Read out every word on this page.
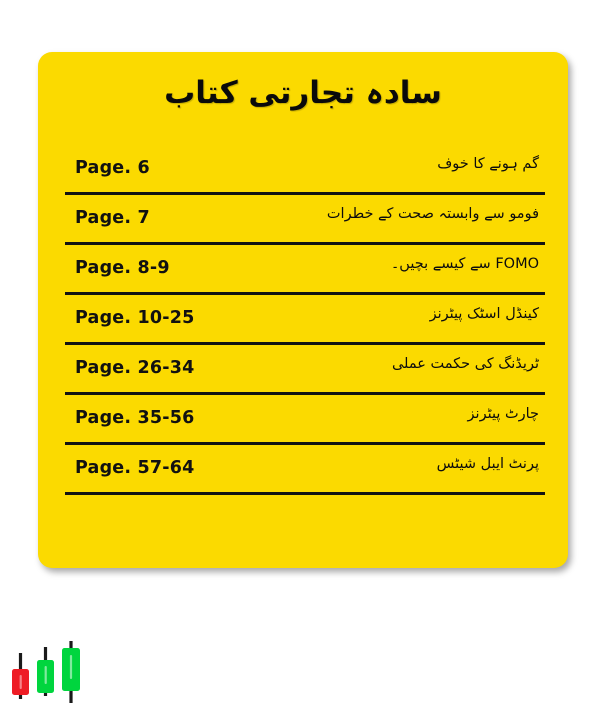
سادہ تجارتی کتاب
Page. 6	گم ہونے کا خوف
Page. 7	فومو سے وابستہ صحت کے خطرات
Page. 8-9	FOMO سے کیسے بچیں۔
Page. 10-25	کینڈل اسٹک پیٹرنز
Page. 26-34	ٹریڈنگ کی حکمت عملی
Page. 35-56	چارٹ پیٹرنز
Page. 57-64	پرنٹ ایبل شیٹس
